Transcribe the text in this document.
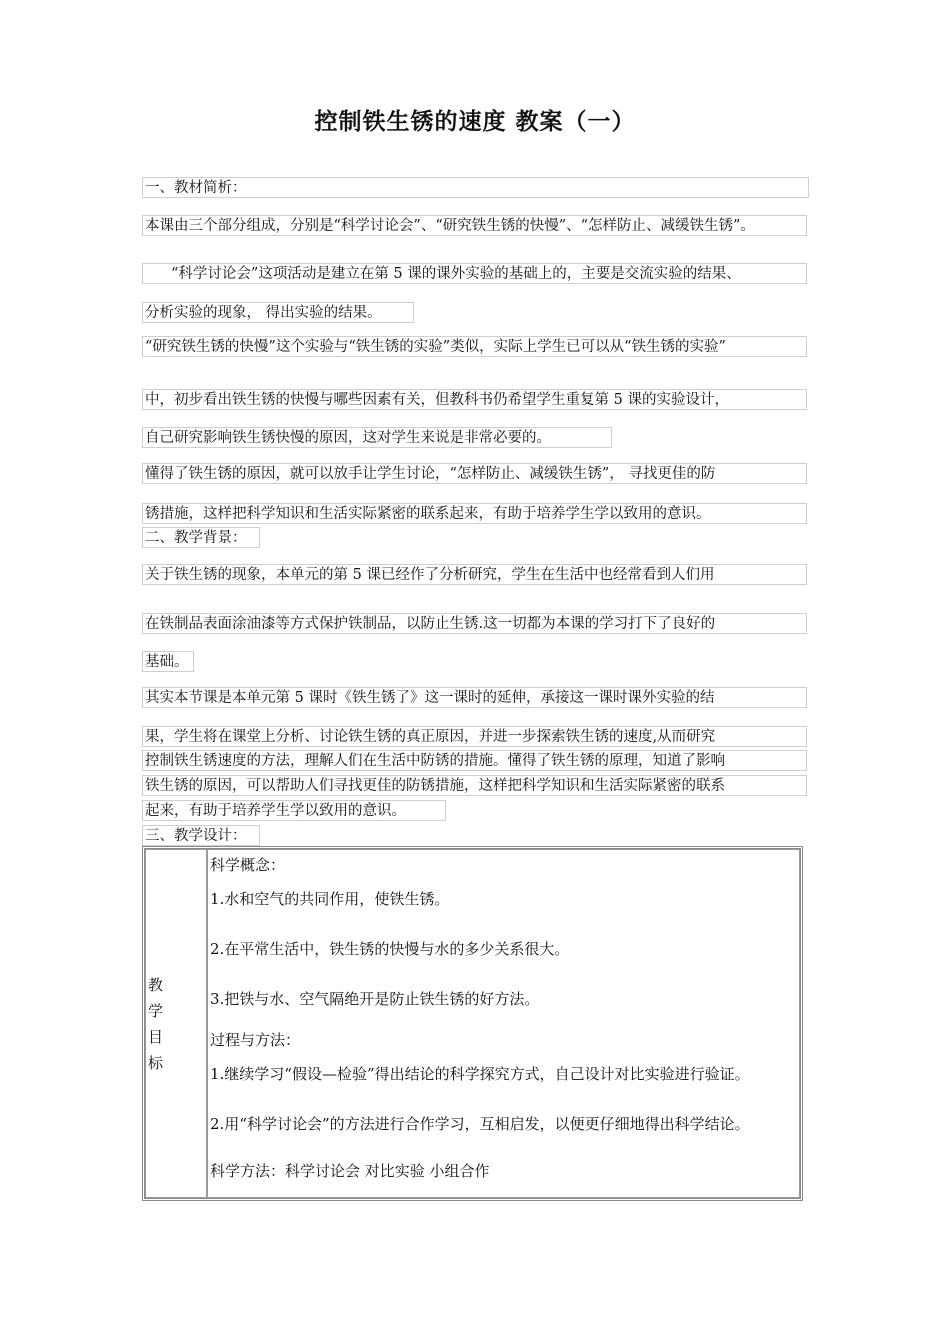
控制铁生锈的速度 教案（一）
一、教材简析：
本课由三个部分组成，分别是“科学讨论会”、“研究铁生锈的快慢”、“怎样防止、减缓铁生锈”。
“科学讨论会”这项活动是建立在第 5 课的课外实验的基础上的，主要是交流实验的结果、
分析实验的现象， 得出实验的结果。
“研究铁生锈的快慢”这个实验与“铁生锈的实验”类似，实际上学生已可以从“铁生锈的实验”
中，初步看出铁生锈的快慢与哪些因素有关，但教科书仍希望学生重复第 5 课的实验设计，
自己研究影响铁生锈快慢的原因，这对学生来说是非常必要的。
懂得了铁生锈的原因，就可以放手让学生讨论，“怎样防止、减缓铁生锈”， 寻找更佳的防
锈措施，这样把科学知识和生活实际紧密的联系起来，有助于培养学生学以致用的意识。
二、教学背景：
关于铁生锈的现象，本单元的第 5 课已经作了分析研究，学生在生活中也经常看到人们用
在铁制品表面涂油漆等方式保护铁制品，以防止生锈.这一切都为本课的学习打下了良好的
基础。
其实本节课是本单元第 5 课时《铁生锈了》这一课时的延伸，承接这一课时课外实验的结
果，学生将在课堂上分析、讨论铁生锈的真正原因，并进一步探索铁生锈的速度,从而研究
控制铁生锈速度的方法，理解人们在生活中防锈的措施。懂得了铁生锈的原理，知道了影响
铁生锈的原因，可以帮助人们寻找更佳的防锈措施，这样把科学知识和生活实际紧密的联系
起来，有助于培养学生学以致用的意识。
三、教学设计：
教
学
目
标

科学概念：
1.水和空气的共同作用，使铁生锈。
2.在平常生活中，铁生锈的快慢与水的多少关系很大。
3.把铁与水、空气隔绝开是防止铁生锈的好方法。
过程与方法：
1.继续学习“假设—检验”得出结论的科学探究方式，自己设计对比实验进行验证。
2.用“科学讨论会”的方法进行合作学习，互相启发，以便更仔细地得出科学结论。
科学方法：科学讨论会 对比实验 小组合作
